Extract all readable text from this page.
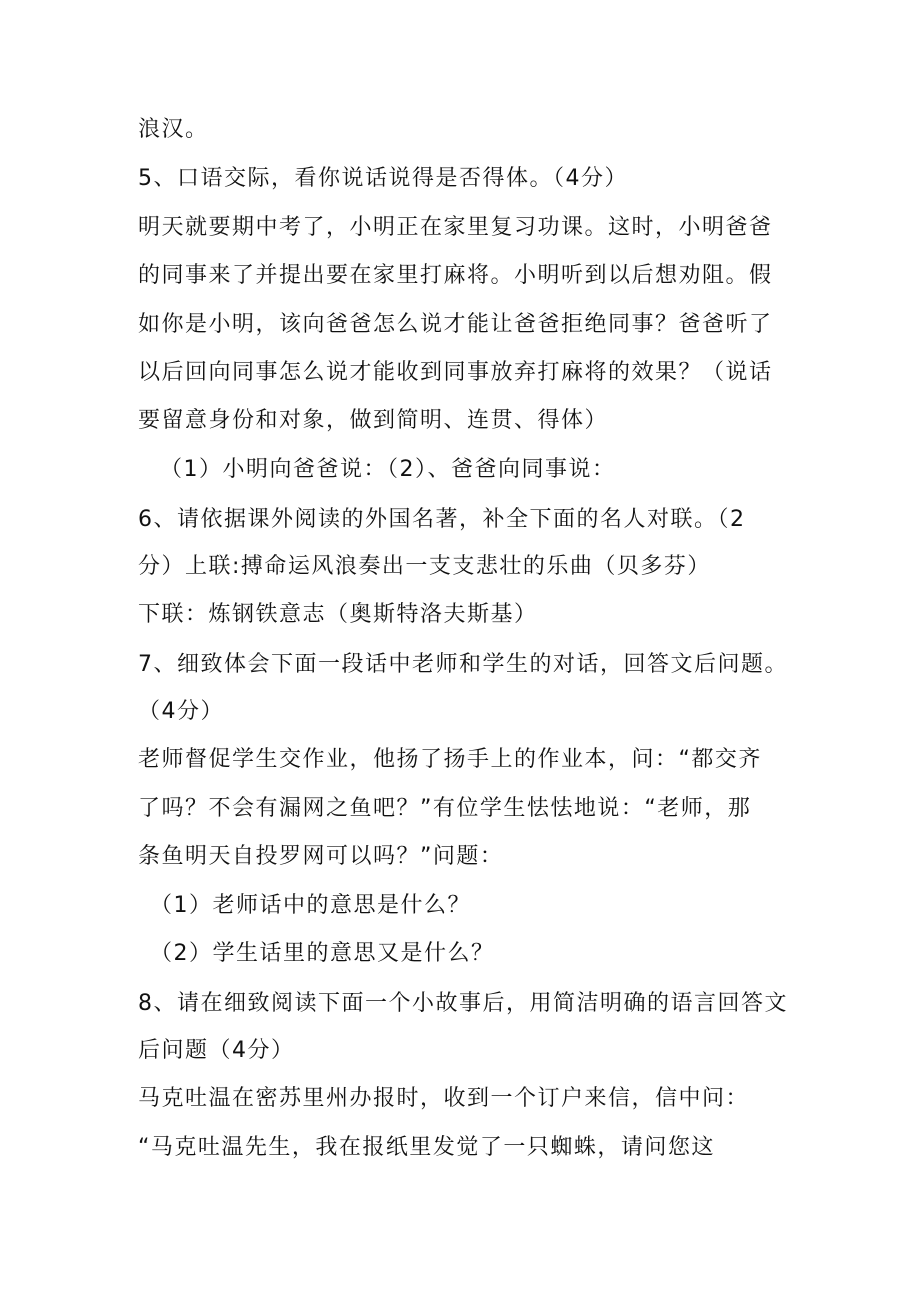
浪汉。
5、口语交际，看你说话说得是否得体。（4分）
明天就要期中考了，小明正在家里复习功课。这时，小明爸爸
的同事来了并提出要在家里打麻将。小明听到以后想劝阻。假
如你是小明，该向爸爸怎么说才能让爸爸拒绝同事？爸爸听了
以后回向同事怎么说才能收到同事放弃打麻将的效果？（说话
要留意身份和对象，做到简明、连贯、得体）
（1）小明向爸爸说：（2）、爸爸向同事说：
6、请依据课外阅读的外国名著，补全下面的名人对联。（2
分）上联:搏命运风浪奏出一支支悲壮的乐曲（贝多芬）
下联：炼钢铁意志（奥斯特洛夫斯基）
7、细致体会下面一段话中老师和学生的对话，回答文后问题。
（4分）
老师督促学生交作业，他扬了扬手上的作业本，问：“都交齐
了吗？不会有漏网之鱼吧？”有位学生怯怯地说：“老师，那
条鱼明天自投罗网可以吗？”问题：
（1）老师话中的意思是什么？
（2）学生话里的意思又是什么？
8、请在细致阅读下面一个小故事后，用简洁明确的语言回答文
后问题（4分）
马克吐温在密苏里州办报时，收到一个订户来信，信中问：
“马克吐温先生，我在报纸里发觉了一只蜘蛛，请问您这
